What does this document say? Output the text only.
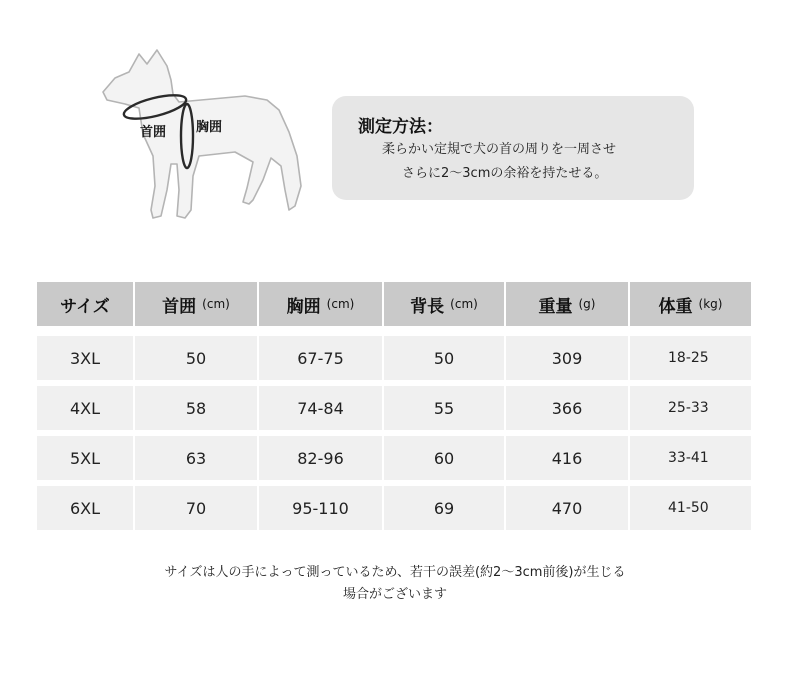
首囲 胸囲	測定方法：
柔らかい定規で犬の首の周りを一周させ
さらに2～3cmの余裕を持たせる。
サイズ	首囲 (cm)	胸囲 (cm)	背長 (cm)	重量 (g)	体重 (kg)
3XL	50	67-75	50	309	18-25
4XL	58	74-84	55	366	25-33
5XL	63	82-96	60	416	33-41
6XL	70	95-110	69	470	41-50
サイズは人の手によって測っているため、若干の誤差(約2～3cm前後)が生じる
場合がございます
